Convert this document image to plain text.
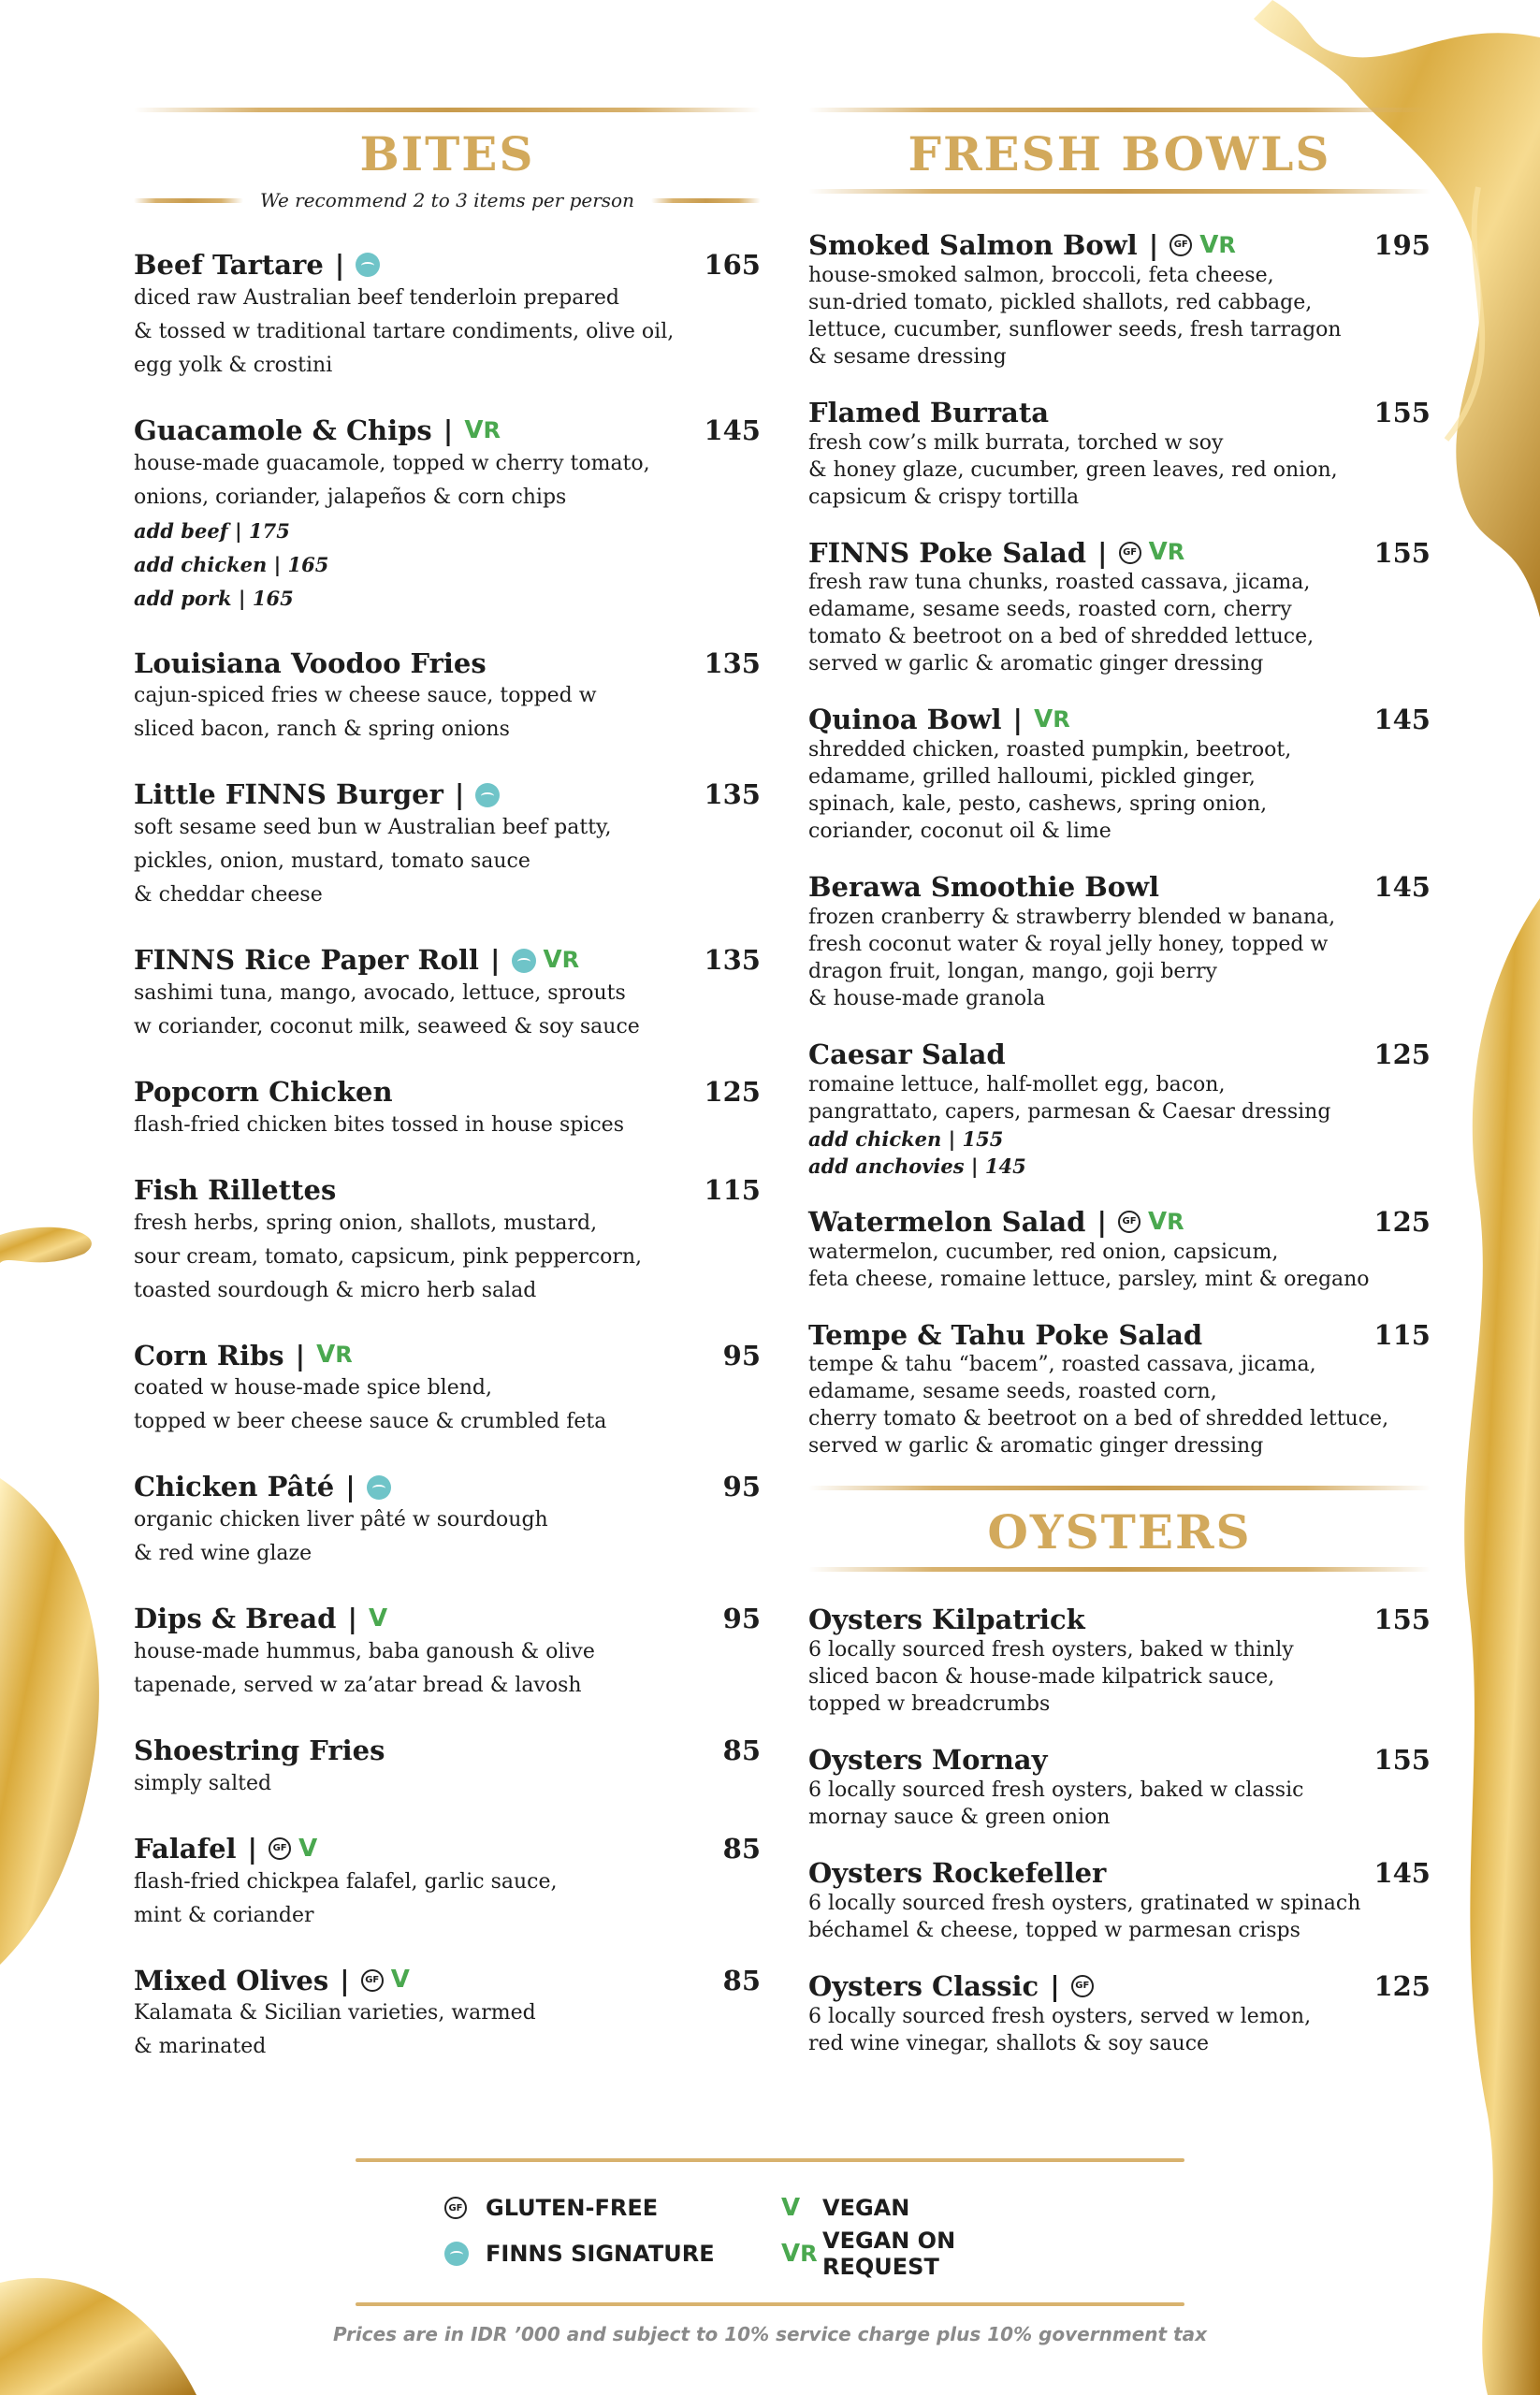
BITES
We recommend 2 to 3 items per person
Beef Tartare |	165
diced raw Australian beef tenderloin prepared
& tossed w traditional tartare condiments, olive oil,
egg yolk & crostini
Guacamole & Chips | VR	145
house-made guacamole, topped w cherry tomato,
onions, coriander, jalapeños & corn chips
add beef | 175
add chicken | 165
add pork | 165
Louisiana Voodoo Fries	135
cajun-spiced fries w cheese sauce, topped w
sliced bacon, ranch & spring onions
Little FINNS Burger |	135
soft sesame seed bun w Australian beef patty,
pickles, onion, mustard, tomato sauce
& cheddar cheese
FINNS Rice Paper Roll | VR	135
sashimi tuna, mango, avocado, lettuce, sprouts
w coriander, coconut milk, seaweed & soy sauce
Popcorn Chicken	125
flash-fried chicken bites tossed in house spices
Fish Rillettes	115
fresh herbs, spring onion, shallots, mustard,
sour cream, tomato, capsicum, pink peppercorn,
toasted sourdough & micro herb salad
Corn Ribs | VR	95
coated w house-made spice blend,
topped w beer cheese sauce & crumbled feta
Chicken Pâté |	95
organic chicken liver pâté w sourdough
& red wine glaze
Dips & Bread | V	95
house-made hummus, baba ganoush & olive
tapenade, served w za’atar bread & lavosh
Shoestring Fries	85
simply salted
Falafel |	GF V	85
flash-fried chickpea falafel, garlic sauce,
mint & coriander
Mixed Olives |	GF V	85
Kalamata & Sicilian varieties, warmed
& marinated
FRESH BOWLS
Smoked Salmon Bowl |	GF VR	195
house-smoked salmon, broccoli, feta cheese,
sun-dried tomato, pickled shallots, red cabbage,
lettuce, cucumber, sunflower seeds, fresh tarragon
& sesame dressing
Flamed Burrata	155
fresh cow’s milk burrata, torched w soy
& honey glaze, cucumber, green leaves, red onion,
capsicum & crispy tortilla
FINNS Poke Salad |	GF VR	155
fresh raw tuna chunks, roasted cassava, jicama,
edamame, sesame seeds, roasted corn, cherry
tomato & beetroot on a bed of shredded lettuce,
served w garlic & aromatic ginger dressing
Quinoa Bowl | VR	145
shredded chicken, roasted pumpkin, beetroot,
edamame, grilled halloumi, pickled ginger,
spinach, kale, pesto, cashews, spring onion,
coriander, coconut oil & lime
Berawa Smoothie Bowl	145
frozen cranberry & strawberry blended w banana,
fresh coconut water & royal jelly honey, topped w
dragon fruit, longan, mango, goji berry
& house-made granola
Caesar Salad	125
romaine lettuce, half-mollet egg, bacon,
pangrattato, capers, parmesan & Caesar dressing
add chicken | 155
add anchovies | 145
Watermelon Salad |	GF VR	125
watermelon, cucumber, red onion, capsicum,
feta cheese, romaine lettuce, parsley, mint & oregano
Tempe & Tahu Poke Salad	115
tempe & tahu “bacem”, roasted cassava, jicama,
edamame, sesame seeds, roasted corn,
cherry tomato & beetroot on a bed of shredded lettuce,
served w garlic & aromatic ginger dressing
OYSTERS
Oysters Kilpatrick	155
6 locally sourced fresh oysters, baked w thinly
sliced bacon & house-made kilpatrick sauce,
topped w breadcrumbs
Oysters Mornay	155
6 locally sourced fresh oysters, baked w classic
mornay sauce & green onion
Oysters Rockefeller	145
6 locally sourced fresh oysters, gratinated w spinach
béchamel & cheese, topped w parmesan crisps
Oysters Classic |	GF	125
6 locally sourced fresh oysters, served w lemon,
red wine vinegar, shallots & soy sauce
GF GLUTEN-FREE	V VEGAN
FINNS SIGNATURE	VR VEGAN ON REQUEST
Prices are in IDR ’000 and subject to 10% service charge plus 10% government tax
